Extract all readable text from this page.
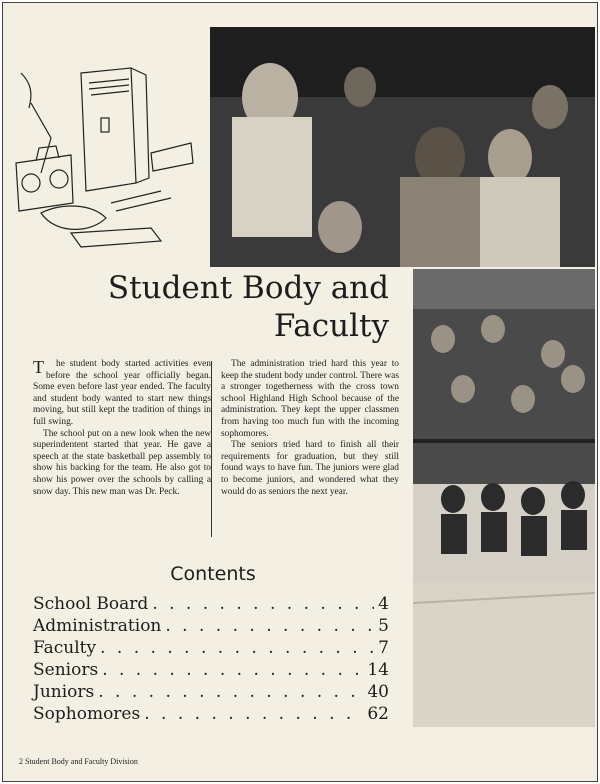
Student Body and
Faculty

T he student body started activities even before the school year officially began. Some even before last year ended. The faculty and student body wanted to start new things moving, but still kept the tradition of things in full swing.

The school put on a new look when the new superindentent started that year. He gave a speech at the state basketball pep assembly to show his backing for the team. He also got to show his power over the schools by calling a snow day. This new man was Dr. Peck.

The administration tried hard this year to keep the student body under control. There was a stronger togetherness with the cross town school Highland High School because of the administration. They kept the upper classmen from having too much fun with the incoming sophomores.

The seniors tried hard to finish all their requirements for graduation, but they still found ways to have fun. The juniors were glad to become juniors, and wondered what they would do as seniors the next year.

Contents
School Board . . .	4
Administration . . .	5
Faculty . . .	7
Seniors . . .	14
Juniors . . .	40
Sophomores . . .	62
2 Student Body and Faculty Division
